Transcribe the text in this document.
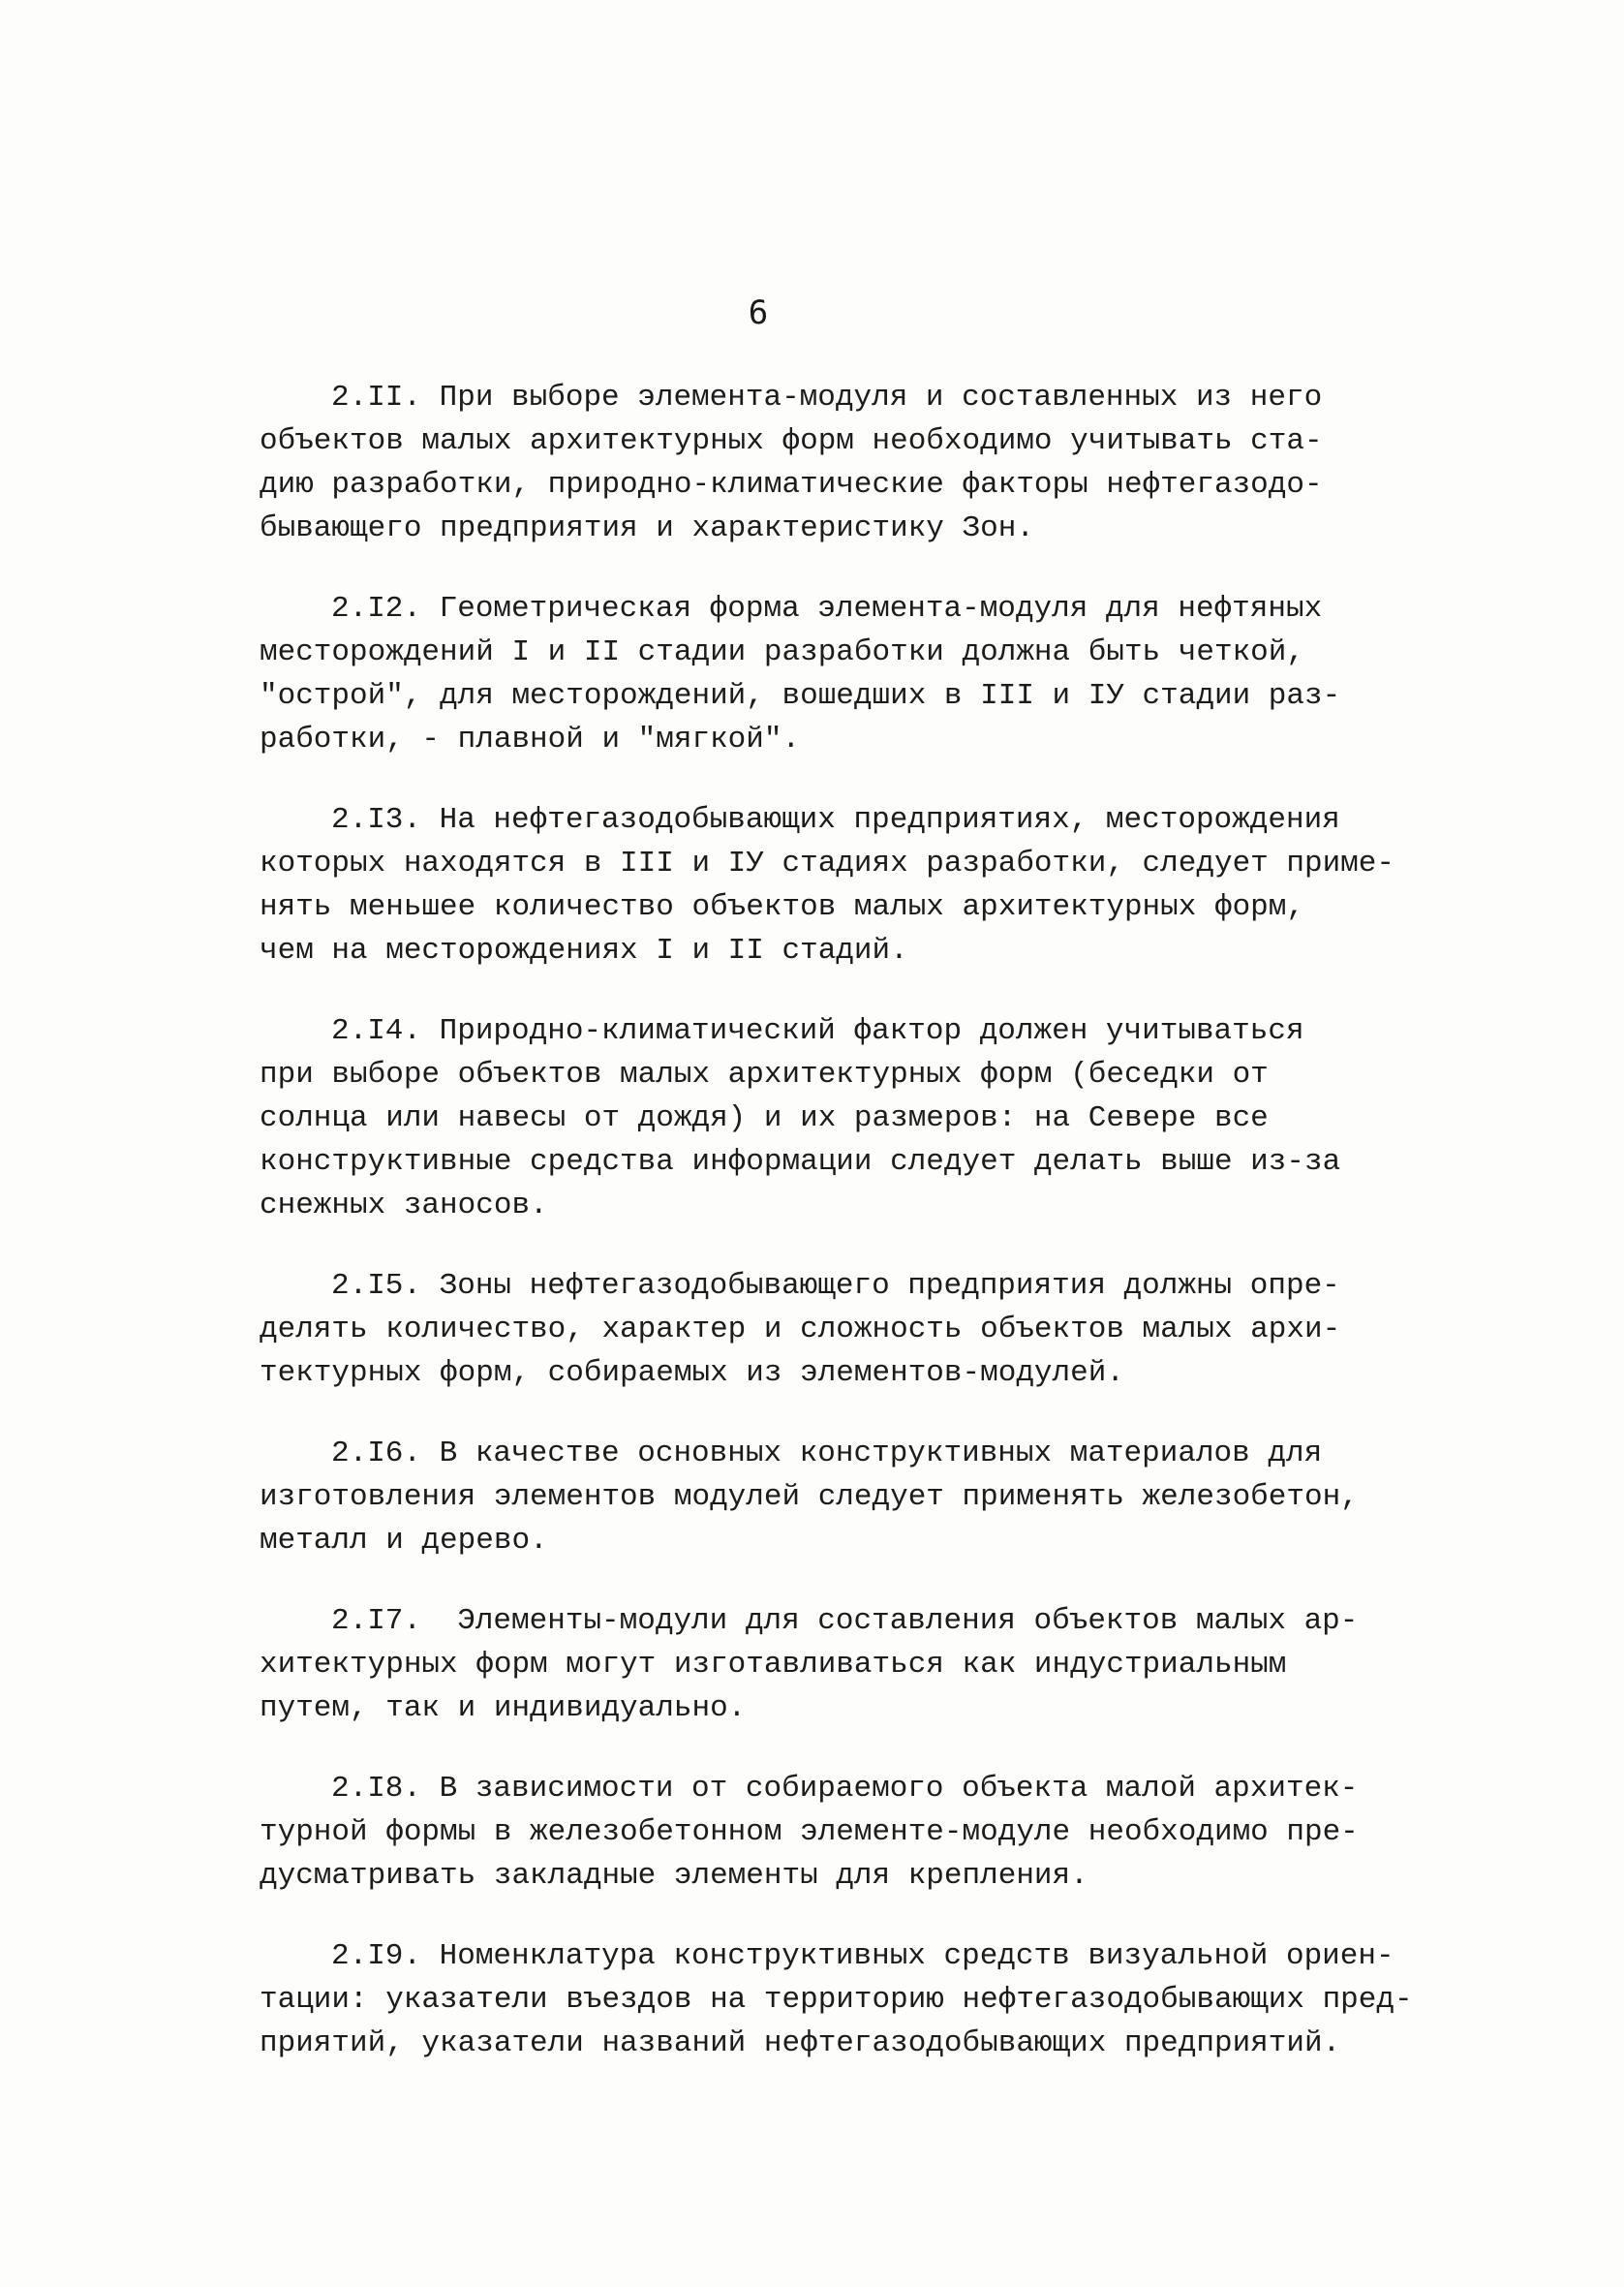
6

2.II. При выборе элемента-модуля и составленных из него
объектов малых архитектурных форм необходимо учитывать ста-
дию разработки, природно-климатические факторы нефтегазодо-
бывающего предприятия и характеристику Зон.

2.I2. Геометрическая форма элемента-модуля для нефтяных
месторождений I и II стадии разработки должна быть четкой,
"острой", для месторождений, вошедших в III и IУ стадии раз-
работки, - плавной и "мягкой".

2.I3. На нефтегазодобывающих предприятиях, месторождения
которых находятся в III и IУ стадиях разработки, следует приме-
нять меньшее количество объектов малых архитектурных форм,
чем на месторождениях I и II стадий.

2.I4. Природно-климатический фактор должен учитываться
при выборе объектов малых архитектурных форм (беседки от
солнца или навесы от дождя) и их размеров: на Севере все
конструктивные средства информации следует делать выше из-за
снежных заносов.

2.I5. Зоны нефтегазодобывающего предприятия должны опре-
делять количество, характер и сложность объектов малых архи-
тектурных форм, собираемых из элементов-модулей.

2.I6. В качестве основных конструктивных материалов для
изготовления элементов модулей следует применять железобетон,
металл и дерево.

2.I7.  Элементы-модули для составления объектов малых ар-
хитектурных форм могут изготавливаться как индустриальным
путем, так и индивидуально.

2.I8. В зависимости от собираемого объекта малой архитек-
турной формы в железобетонном элементе-модуле необходимо пре-
дусматривать закладные элементы для крепления.

2.I9. Номенклатура конструктивных средств визуальной ориен-
тации: указатели въездов на территорию нефтегазодобывающих пред-
приятий, указатели названий нефтегазодобывающих предприятий.
